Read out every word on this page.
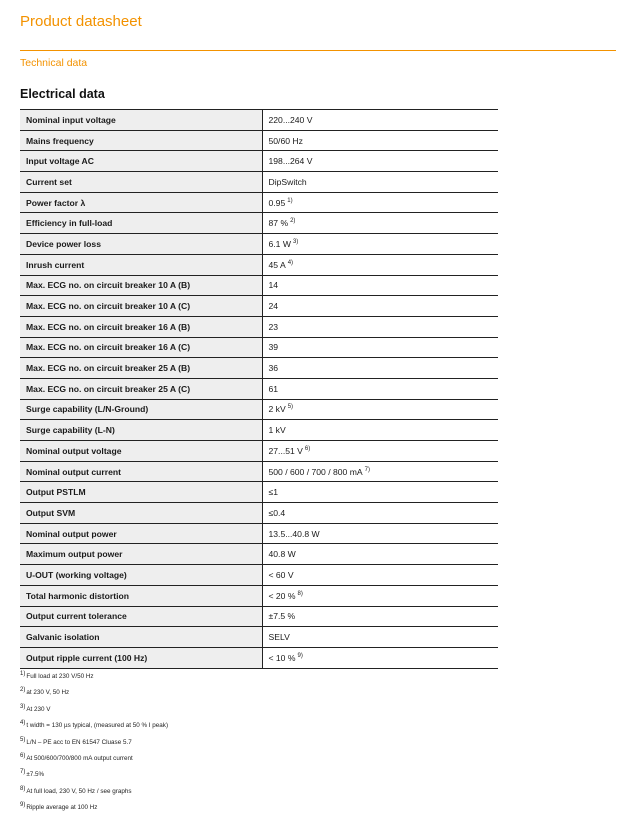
Product datasheet
Technical data
Electrical data
Nominal input voltage	220...240 V
Mains frequency	50/60 Hz
Input voltage AC	198...264 V
Current set	DipSwitch
Power factor λ	0.95 $^{1)}$
Efficiency in full-load	87 % $^{2)}$
Device power loss	6.1 W $^{3)}$
Inrush current	45 A $^{4)}$
Max. ECG no. on circuit breaker 10 A (B)	14
Max. ECG no. on circuit breaker 10 A (C)	24
Max. ECG no. on circuit breaker 16 A (B)	23
Max. ECG no. on circuit breaker 16 A (C)	39
Max. ECG no. on circuit breaker 25 A (B)	36
Max. ECG no. on circuit breaker 25 A (C)	61
Surge capability (L/N-Ground)	2 kV $^{5)}$
Surge capability (L-N)	1 kV
Nominal output voltage	27...51 V $^{6)}$
Nominal output current	500 / 600 / 700 / 800 mA $^{7)}$
Output PSTLM	≤1
Output SVM	≤0.4
Nominal output power	13.5...40.8 W
Maximum output power	40.8 W
U-OUT (working voltage)	< 60 V
Total harmonic distortion	< 20 % $^{8)}$
Output current tolerance	±7.5 %
Galvanic isolation	SELV
Output ripple current (100 Hz)	< 10 % $^{9)}$
1)Full load at 230 V/50 Hz
2)at 230 V, 50 Hz
3)At 230 V
4)t width = 130 µs typical, (measured at 50 % I peak)
5)L/N – PE acc to EN 61547 Cluase 5.7
6)At 500/600/700/800 mA output current
7)±7.5%
8)At full load, 230 V, 50 Hz / see graphs
9)Ripple average at 100 Hz
